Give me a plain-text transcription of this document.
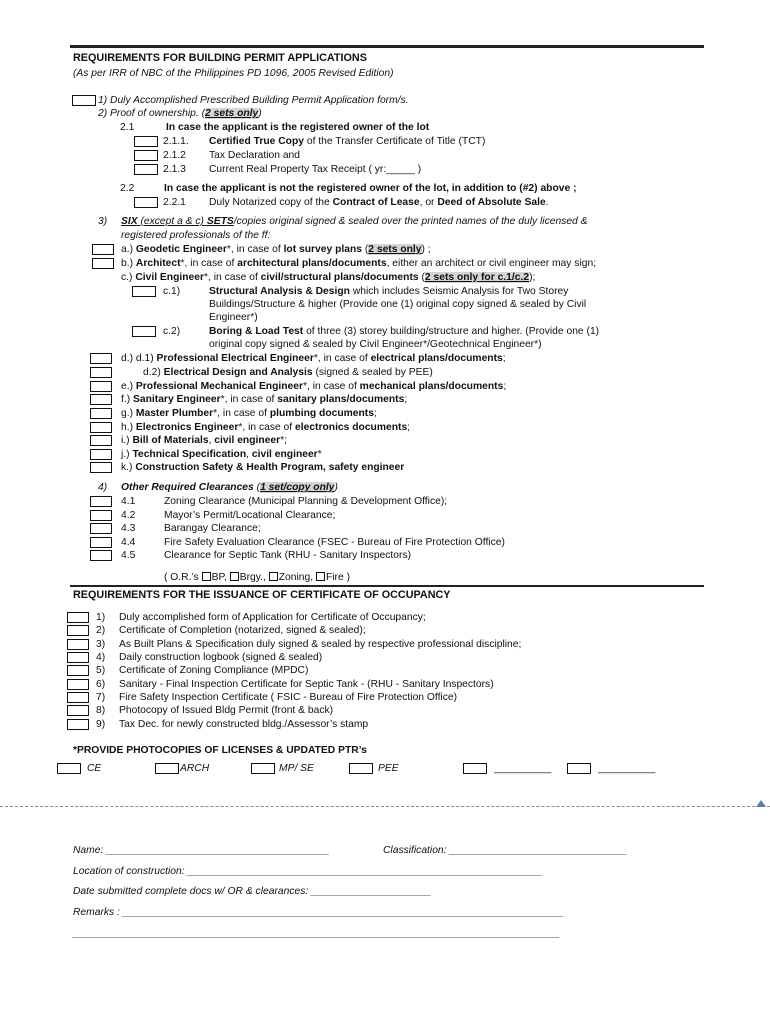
REQUIREMENTS FOR BUILDING PERMIT APPLICATIONS
(As per IRR of NBC of the Philippines PD 1096, 2005 Revised Edition)
1) Duly Accomplished Prescribed Building Permit Application form/s.
2) Proof of ownership. (2 sets only)
2.1	In case the applicant is the registered owner of the lot
2.1.1. Certified True Copy of the Transfer Certificate of Title (TCT)
2.1.2 Tax Declaration and
2.1.3 Current Real Property Tax Receipt ( yr:_____ )
2.2	In case the applicant is not the registered owner of the lot, in addition to (#2) above ;
2.2.1 Duly Notarized copy of the Contract of Lease, or Deed of Absolute Sale.
3) SIX (except a & c) SETS/copies original signed & sealed over the printed names of the duly licensed &
registered professionals of the ff:
a.) Geodetic Engineer*, in case of lot survey plans (2 sets only) ;
b.) Architect*, in case of architectural plans/documents, either an architect or civil engineer may sign;
c.) Civil Engineer*, in case of civil/structural plans/documents (2 sets only for c.1/c.2);
c.1)	Structural Analysis & Design which includes Seismic Analysis for Two Storey
Buildings/Structure & higher (Provide one (1) original copy signed & sealed by Civil
Engineer*)
c.2)	Boring & Load Test of three (3) storey building/structure and higher. (Provide one (1)
original copy signed & sealed by Civil Engineer*/Geotechnical Engineer*)
d.) d.1) Professional Electrical Engineer*, in case of electrical plans/documents;
d.2) Electrical Design and Analysis (signed & sealed by PEE)
e.) Professional Mechanical Engineer*, in case of mechanical plans/documents;
f.) Sanitary Engineer*, in case of sanitary plans/documents;
g.) Master Plumber*, in case of plumbing documents;
h.) Electronics Engineer*, in case of electronics documents;
i.) Bill of Materials, civil engineer*;
j.) Technical Specification, civil engineer*
k.) Construction Safety & Health Program, safety engineer
4) Other Required Clearances (1 set/copy only)
4.1	Zoning Clearance (Municipal Planning & Development Office);
4.2	Mayor’s Permit/Locational Clearance;
4.3	Barangay Clearance;
4.4	Fire Safety Evaluation Clearance (FSEC - Bureau of Fire Protection Office)
4.5	Clearance for Septic Tank (RHU - Sanitary Inspectors)
( O.R.’s BP, Brgy., Zoning, Fire )
REQUIREMENTS FOR THE ISSUANCE OF CERTIFICATE OF OCCUPANCY
1) Duly accomplished form of Application for Certificate of Occupancy;
2) Certificate of Completion (notarized, signed & sealed);
3) As Built Plans & Specification duly signed & sealed by respective professional discipline;
4) Daily construction logbook (signed & sealed)
5) Certificate of Zoning Compliance (MPDC)
6) Sanitary - Final Inspection Certificate for Septic Tank - (RHU - Sanitary Inspectors)
7) Fire Safety Inspection Certificate ( FSIC - Bureau of Fire Protection Office)
8) Photocopy of Issued Bldg Permit (front & back)
9) Tax Dec. for newly constructed bldg./Assessor’s stamp
*PROVIDE PHOTOCOPIES OF LICENSES & UPDATED PTR’s
CE	ARCH	MP/ SE	PEE	__________	__________
Name: _______________________________________	Classification: _______________________________
Location of construction: ______________________________________________________________
Date submitted complete docs w/ OR & clearances: _____________________
Remarks : _____________________________________________________________________________
_____________________________________________________________________________________
